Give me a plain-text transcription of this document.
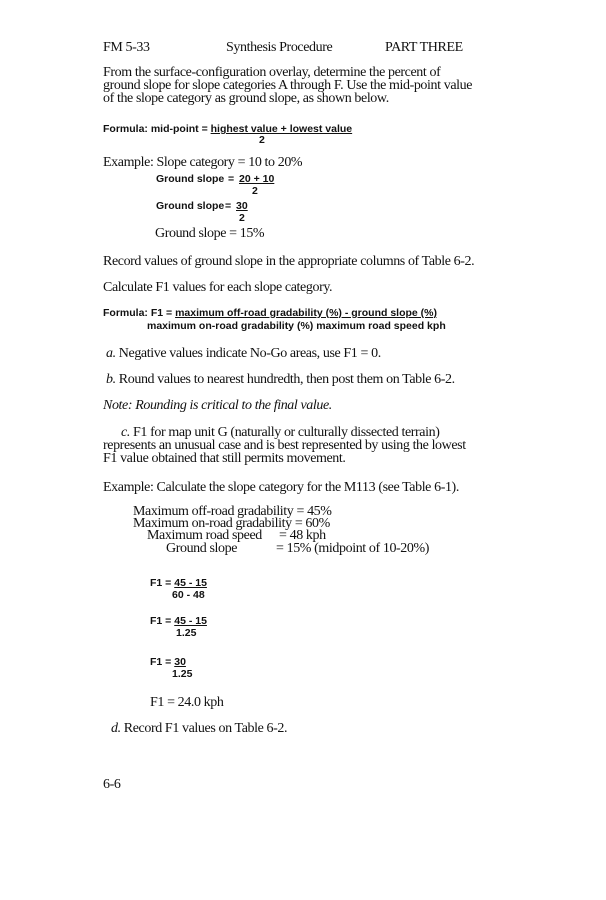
FM 5-33	Synthesis Procedure	PART THREE
From the surface-configuration overlay, determine the percent of ground slope for slope categories A through F. Use the mid-point value of the slope category as ground slope, as shown below.
Formula: mid-point = highest value + lowest value
2
Example: Slope category = 10 to 20%
Ground slope = 20 + 10
2
Ground slope = 30
2
Ground slope = 15%
Record values of ground slope in the appropriate columns of Table 6-2.
Calculate F1 values for each slope category.
Formula: F1 = maximum off-road gradability (%) - ground slope (%)
maximum on-road gradability (%) maximum road speed kph
a. Negative values indicate No-Go areas, use F1 = 0.
b. Round values to nearest hundredth, then post them on Table 6-2.
Note: Rounding is critical to the final value.
c. F1 for map unit G (naturally or culturally dissected terrain) represents an unusual case and is best represented by using the lowest F1 value obtained that still permits movement.
Example: Calculate the slope category for the M113 (see Table 6-1).
Maximum off-road gradability = 45%
Maximum on-road gradability = 60%
Maximum road speed = 48 kph
Ground slope	= 15% (midpoint of 10-20%)
F1 = 45 - 15
60 - 48
F1 = 45 - 15
1.25
F1 = 30
1.25
F1 = 24.0 kph
d. Record F1 values on Table 6-2.
6-6
